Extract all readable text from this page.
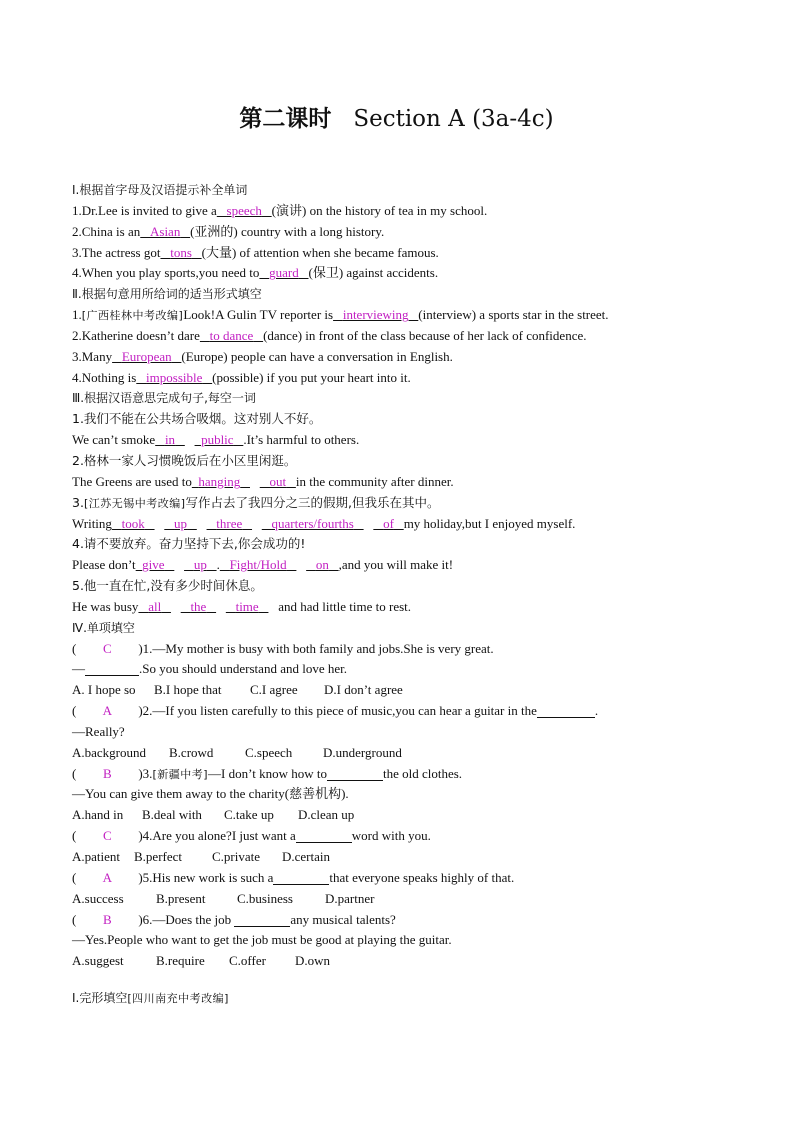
第二课时 Section A (3a-4c)
Ⅰ.根据首字母及汉语提示补全单词
1.Dr.Lee is invited to give a speech (演讲) on the history of tea in my school.
2.China is an Asian (亚洲的) country with a long history.
3.The actress got tons (大量) of attention when she became famous.
4.When you play sports,you need to guard (保卫) against accidents.
Ⅱ.根据句意用所给词的适当形式填空
1.[广西桂林中考改编]Look!A Gulin TV reporter is interviewing (interview) a sports star in the street.
2.Katherine doesn’t dare to dance (dance) in front of the class because of her lack of confidence.
3.Many European (Europe) people can have a conversation in English.
4.Nothing is impossible (possible) if you put your heart into it.
Ⅲ.根据汉语意思完成句子,每空一词
1.我们不能在公共场合吸烟。这对别人不好。
We can’t smoke in public .It’s harmful to others.
2.格林一家人习惯晚饭后在小区里闲逛。
The Greens are used to hanging out in the community after dinner.
3.[江苏无锡中考改编]写作占去了我四分之三的假期,但我乐在其中。
Writing took up three quarters/fourths of my holiday,but I enjoyed myself.
4.请不要放弃。奋力坚持下去,你会成功的!
Please don’t give up . Fight/Hold on ,and you will make it!
5.他一直在忙,没有多少时间休息。
He was busy all the time and had little time to rest.
Ⅳ.单项填空
( C )1.—My mother is busy with both family and jobs.She is very great.
—	.So you should understand and love her.
A. I hope so B.I hope that C.I agree D.I don’t agree
( A )2.—If you listen carefully to this piece of music,you can hear a guitar in the	.
—Really?
A.background B.crowd C.speech D.underground
( B )3.[新疆中考]—I don’t know how to	the old clothes.
—You can give them away to the charity(慈善机构).
A.hand in B.deal with C.take up D.clean up
( C )4.Are you alone?I just want a	word with you.
A.patient B.perfect C.private D.certain
( A )5.His new work is such a	that everyone speaks highly of that.
A.success B.present C.business D.partner
( B )6.—Does the job	any musical talents?
—Yes.People who want to get the job must be good at playing the guitar.
A.suggest B.require C.offer D.own
Ⅰ.完形填空[四川南充中考改编]
